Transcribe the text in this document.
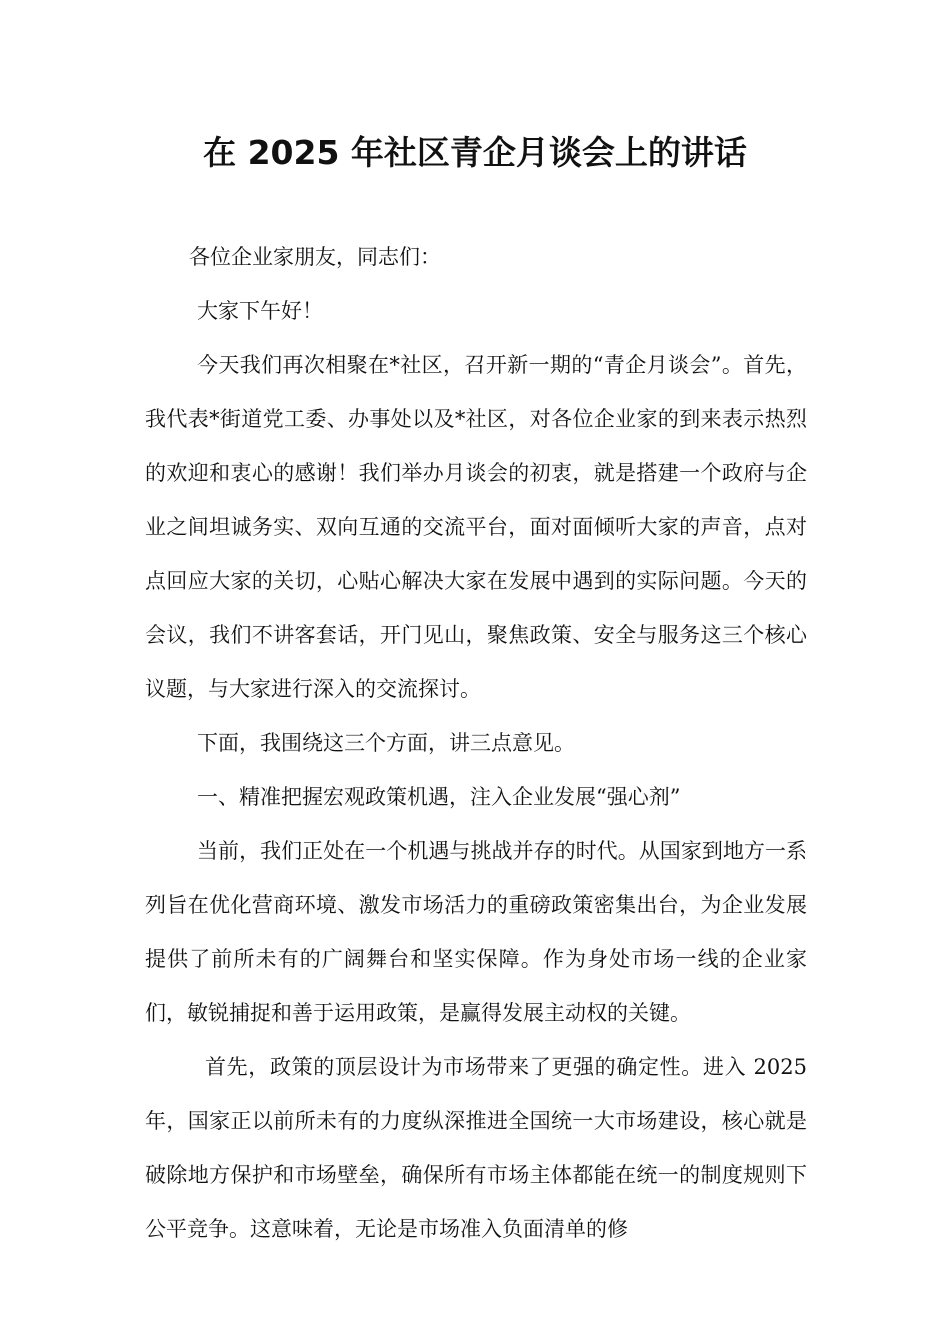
在 2025 年社区青企月谈会上的讲话

各位企业家朋友，同志们：

大家下午好！

今天我们再次相聚在*社区，召开新一期的“青企月谈会”。首先，我代表*街道党工委、办事处以及*社区，对各位企业家的到来表示热烈的欢迎和衷心的感谢！我们举办月谈会的初衷，就是搭建一个政府与企业之间坦诚务实、双向互通的交流平台，面对面倾听大家的声音，点对点回应大家的关切，心贴心解决大家在发展中遇到的实际问题。今天的会议，我们不讲客套话，开门见山，聚焦政策、安全与服务这三个核心议题，与大家进行深入的交流探讨。

下面，我围绕这三个方面，讲三点意见。

一、精准把握宏观政策机遇，注入企业发展“强心剂”

当前，我们正处在一个机遇与挑战并存的时代。从国家到地方一系列旨在优化营商环境、激发市场活力的重磅政策密集出台，为企业发展提供了前所未有的广阔舞台和坚实保障。作为身处市场一线的企业家们，敏锐捕捉和善于运用政策，是赢得发展主动权的关键。

首先，政策的顶层设计为市场带来了更强的确定性。进入 2025 年，国家正以前所未有的力度纵深推进全国统一大市场建设，核心就是破除地方保护和市场壁垒，确保所有市场主体都能在统一的制度规则下公平竞争。这意味着，无论是市场准入负面清单的修
